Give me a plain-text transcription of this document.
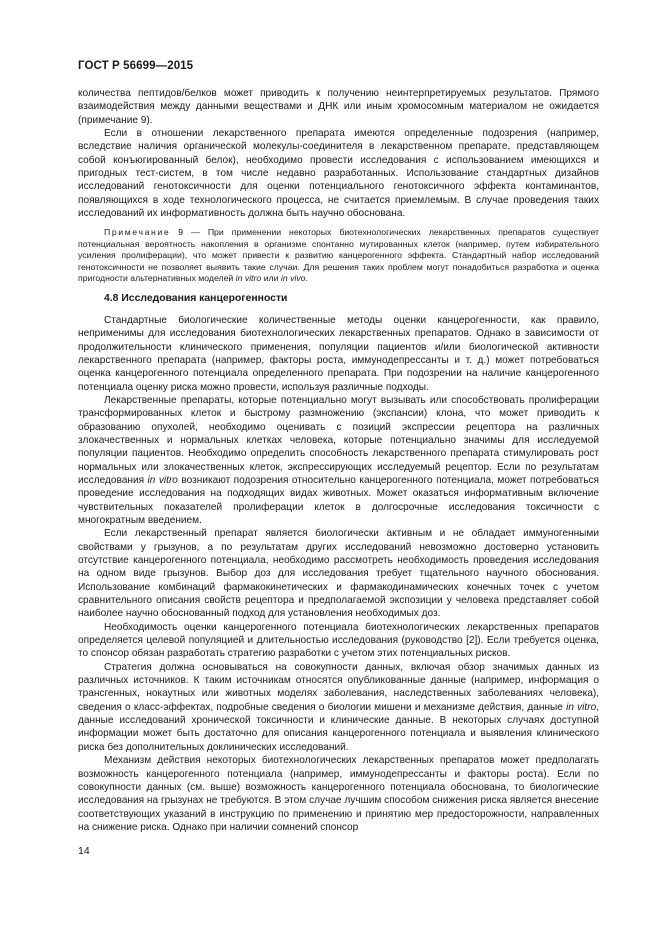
ГОСТ Р 56699—2015

количества пептидов/белков может приводить к получению неинтерпретируемых результатов. Прямого взаимодействия между данными веществами и ДНК или иным хромосомным материалом не ожидается (примечание 9).

Если в отношении лекарственного препарата имеются определенные подозрения (например, вследствие наличия органической молекулы-соединителя в лекарственном препарате, представляющем собой конъюгированный белок), необходимо провести исследования с использованием имеющихся и пригодных тест-систем, в том числе недавно разработанных. Использование стандартных дизайнов исследований генотоксичности для оценки потенциального генотоксичного эффекта контаминантов, появляющихся в ходе технологического процесса, не считается приемлемым. В случае проведения таких исследований их информативность должна быть научно обоснована.

Примечание 9 — При применении некоторых биотехнологических лекарственных препаратов существует потенциальная вероятность накопления в организме спонтанно мутированных клеток (например, путем избирательного усиления пролиферации), что может привести к развитию канцерогенного эффекта. Стандартный набор исследований генотоксичности не позволяет выявить такие случаи. Для решения таких проблем могут понадобиться разработка и оценка пригодности альтернативных моделей in vitro или in vivo.

4.8 Исследования канцерогенности

Стандартные биологические количественные методы оценки канцерогенности, как правило, неприменимы для исследования биотехнологических лекарственных препаратов. Однако в зависимости от продолжительности клинического применения, популяции пациентов и/или биологической активности лекарственного препарата (например, факторы роста, иммунодепрессанты и т. д.) может потребоваться оценка канцерогенного потенциала определенного препарата. При подозрении на наличие канцерогенного потенциала оценку риска можно провести, используя различные подходы.

Лекарственные препараты, которые потенциально могут вызывать или способствовать пролиферации трансформированных клеток и быстрому размножению (экспансии) клона, что может приводить к образованию опухолей, необходимо оценивать с позиций экспрессии рецептора на различных злокачественных и нормальных клетках человека, которые потенциально значимы для исследуемой популяции пациентов. Необходимо определить способность лекарственного препарата стимулировать рост нормальных или злокачественных клеток, экспрессирующих исследуемый рецептор. Если по результатам исследования in vitro возникают подозрения относительно канцерогенного потенциала, может потребоваться проведение исследования на подходящих видах животных. Может оказаться информативным включение чувствительных показателей пролиферации клеток в долгосрочные исследования токсичности с многократным введением.

Если лекарственный препарат является биологически активным и не обладает иммуногенными свойствами у грызунов, а по результатам других исследований невозможно достоверно установить отсутствие канцерогенного потенциала, необходимо рассмотреть необходимость проведения исследования на одном виде грызунов. Выбор доз для исследования требует тщательного научного обоснования. Использование комбинаций фармакокинетических и фармакодинамических конечных точек с учетом сравнительного описания свойств рецептора и предполагаемой экспозиции у человека представляет собой наиболее научно обоснованный подход для установления необходимых доз.

Необходимость оценки канцерогенного потенциала биотехнологических лекарственных препаратов определяется целевой популяцией и длительностью исследования (руководство [2]). Если требуется оценка, то спонсор обязан разработать стратегию разработки с учетом этих потенциальных рисков.

Стратегия должна основываться на совокупности данных, включая обзор значимых данных из различных источников. К таким источникам относятся опубликованные данные (например, информация о трансгенных, нокаутных или животных моделях заболевания, наследственных заболеваниях человека), сведения о класс-эффектах, подробные сведения о биологии мишени и механизме действия, данные in vitro, данные исследований хронической токсичности и клинические данные. В некоторых случаях доступной информации может быть достаточно для описания канцерогенного потенциала и выявления клинического риска без дополнительных доклинических исследований.

Механизм действия некоторых биотехнологических лекарственных препаратов может предполагать возможность канцерогенного потенциала (например, иммунодепрессанты и факторы роста). Если по совокупности данных (см. выше) возможность канцерогенного потенциала обоснована, то биологические исследования на грызунах не требуются. В этом случае лучшим способом снижения риска является внесение соответствующих указаний в инструкцию по применению и принятию мер предосторожности, направленных на снижение риска. Однако при наличии сомнений спонсор

14
